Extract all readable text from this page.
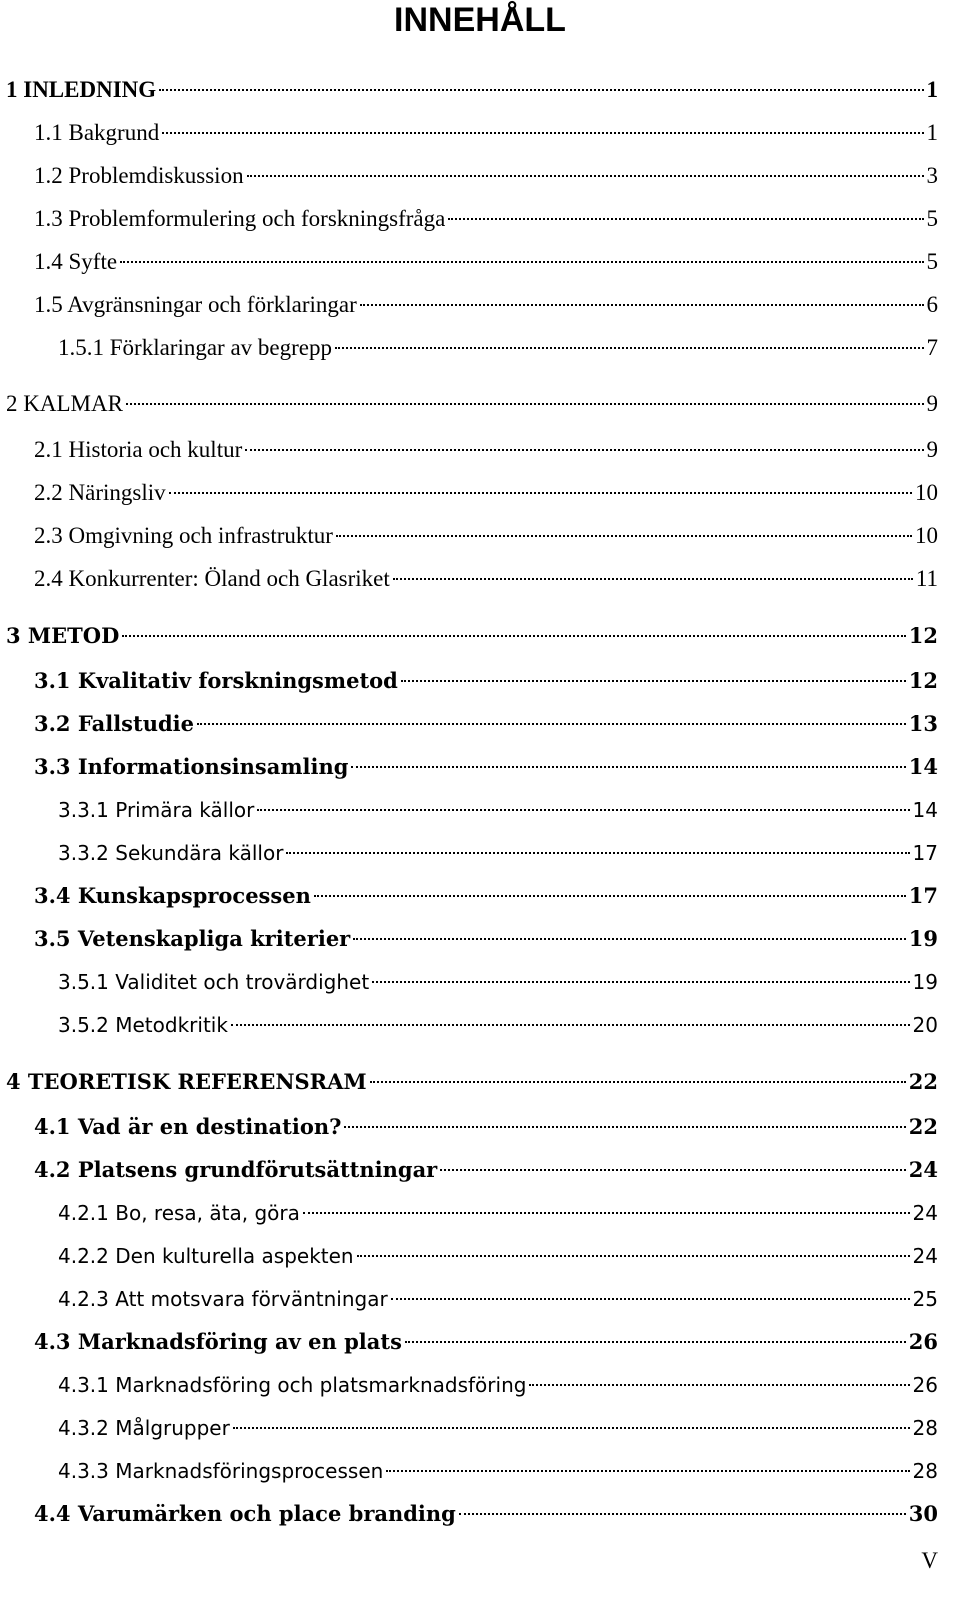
INNEHÅLL
1 INLEDNING	1
1.1 Bakgrund	1
1.2 Problemdiskussion	3
1.3 Problemformulering och forskningsfråga	5
1.4 Syfte	5
1.5 Avgränsningar och förklaringar	6
1.5.1 Förklaringar av begrepp	7
2 KALMAR	9
2.1 Historia och kultur	9
2.2 Näringsliv	10
2.3 Omgivning och infrastruktur	10
2.4 Konkurrenter: Öland och Glasriket	11
3 METOD	12
3.1 Kvalitativ forskningsmetod	12
3.2 Fallstudie	13
3.3 Informationsinsamling	14
3.3.1 Primära källor	14
3.3.2 Sekundära källor	17
3.4 Kunskapsprocessen	17
3.5 Vetenskapliga kriterier	19
3.5.1 Validitet och trovärdighet	19
3.5.2 Metodkritik	20
4 TEORETISK REFERENSRAM	22
4.1 Vad är en destination?	22
4.2 Platsens grundförutsättningar	24
4.2.1 Bo, resa, äta, göra	24
4.2.2 Den kulturella aspekten	24
4.2.3 Att motsvara förväntningar	25
4.3 Marknadsföring av en plats	26
4.3.1 Marknadsföring och platsmarknadsföring	26
4.3.2 Målgrupper	28
4.3.3 Marknadsföringsprocessen	28
4.4 Varumärken och place branding	30
V
